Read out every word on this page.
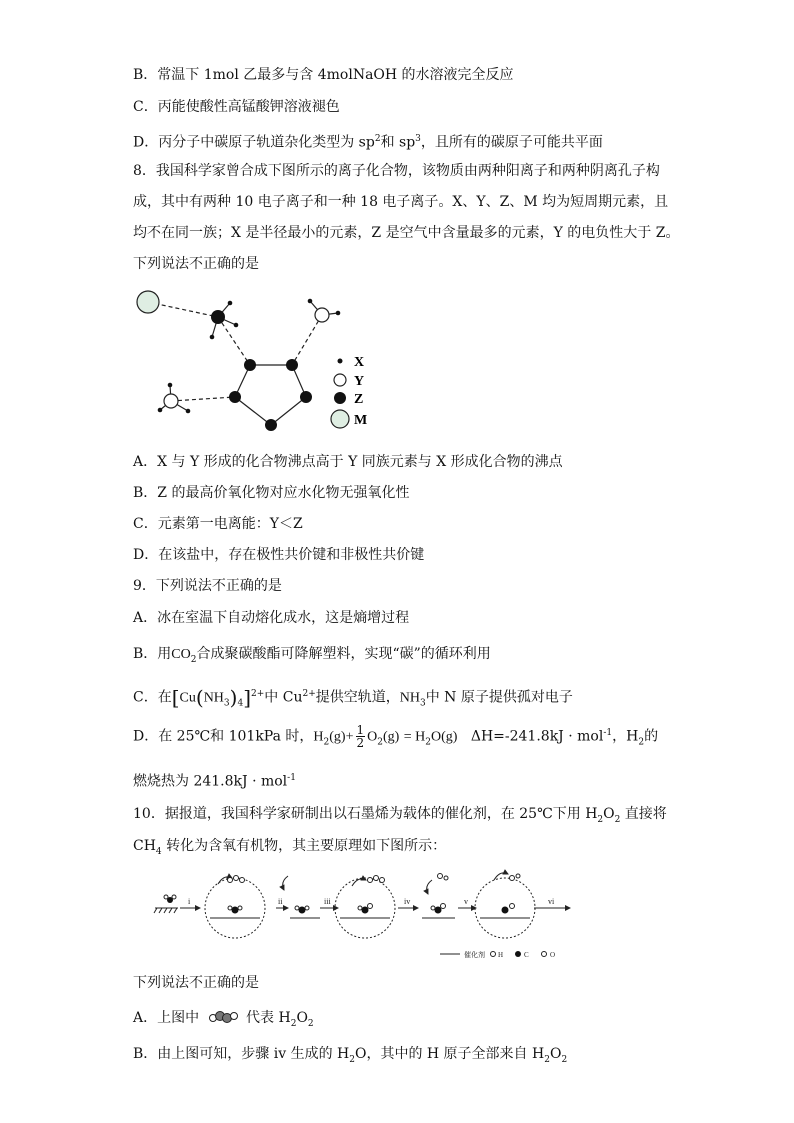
B．常温下 1mol 乙最多与含 4molNaOH 的水溶液完全反应
C．丙能使酸性高锰酸钾溶液褪色
D．丙分子中碳原子轨道杂化类型为 $sp^2$和 $sp^3$，且所有的碳原子可能共平面
8．我国科学家曾合成下图所示的离子化合物，该物质由两种阳离子和两种阴离孔子构
成，其中有两种 10 电子离子和一种 18 电子离子。X、Y、Z、M 均为短周期元素，且
均不在同一族；X 是半径最小的元素，Z 是空气中含量最多的元素，Y 的电负性大于 Z。
下列说法不正确的是
X
Y
Z
M
A．X 与 Y 形成的化合物沸点高于 Y 同族元素与 X 形成化合物的沸点
B．Z 的最高价氧化物对应水化物无强氧化性
C．元素第一电离能：Y＜Z
D．在该盐中，存在极性共价键和非极性共价键
9．下列说法不正确的是
A．冰在室温下自动熔化成水，这是熵增过程
B．用$CO_2$合成聚碳酸酯可降解塑料，实现“碳”的循环利用
C．在$[Cu(NH_3)_4]^{2+}$中 $Cu^{2+}$提供空轨道，$NH_3$中 N 原子提供孤对电子
D．在 25℃和 101kPa 时，$H_2(g)+ \frac{1}{2} O_2(g) = H_2O(g) \Delta H=-241.8kJ \cdot mol^{-1}$，$H_2$的
燃烧热为 241.8kJ · mol$^{-1}$
10．据报道，我国科学家研制出以石墨烯为载体的催化剂，在 25℃下用 $H_2O_2$ 直接将
$CH_4$ 转化为含氧有机物，其主要原理如下图所示：
i	ii	iii	iv	v	vi
催化剂 H	C	O
下列说法不正确的是
A．上图中	代表 $H_2O_2$
B．由上图可知，步骤 iv 生成的 $H_2O$，其中的 H 原子全部来自 $H_2O_2$
